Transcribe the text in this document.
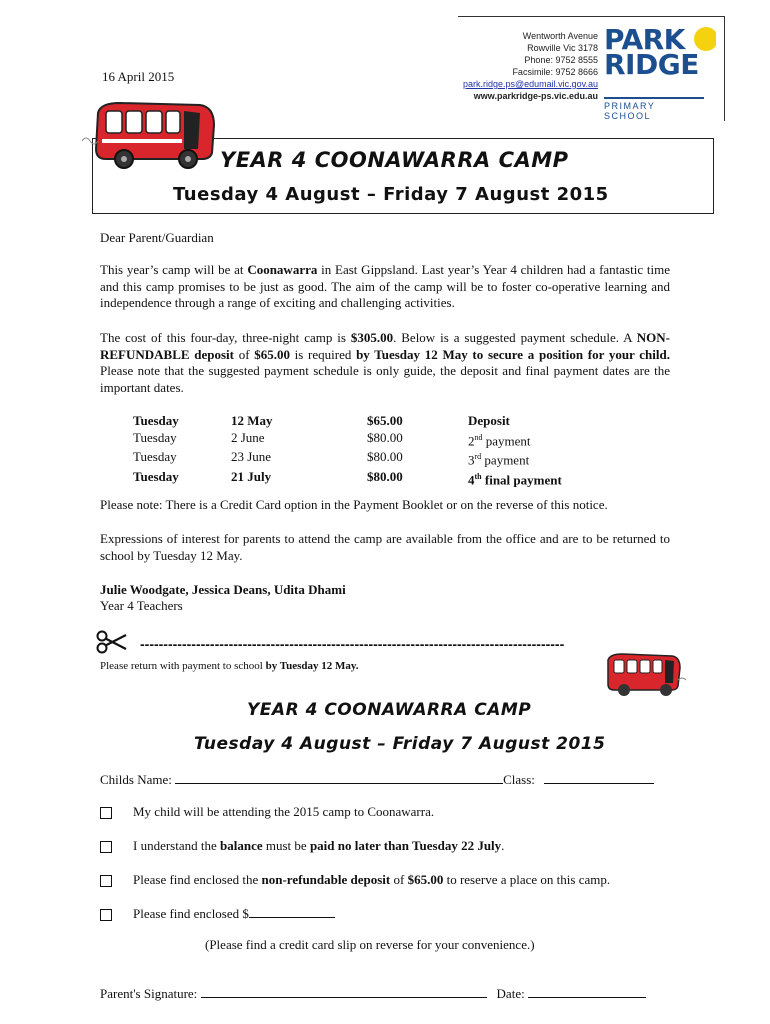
16 April 2015
Wentworth Avenue
Rowville Vic 3178
Phone: 9752 8555
Facsimile: 9752 8666
park.ridge.ps@edumail.vic.gov.au
www.parkridge-ps.vic.edu.au
PARK
RIDGE
PRIMARY SCHOOL
YEAR 4 COONAWARRA CAMP
Tuesday 4 August – Friday 7 August 2015
Dear Parent/Guardian
This year’s camp will be at Coonawarra in East Gippsland. Last year’s Year 4 children had a fantastic time and this camp promises to be just as good. The aim of the camp will be to foster co-operative learning and independence through a range of exciting and challenging activities.
The cost of this four-day, three-night camp is $305.00. Below is a suggested payment schedule. A NON-REFUNDABLE deposit of $65.00 is required by Tuesday 12 May to secure a position for your child. Please note that the suggested payment schedule is only guide, the deposit and final payment dates are the important dates.
Tuesday	12 May	$65.00	Deposit
Tuesday	2 June	$80.00	2nd payment
Tuesday	23 June	$80.00	3rd payment
Tuesday	21 July	$80.00	4th final payment
Please note: There is a Credit Card option in the Payment Booklet or on the reverse of this notice.
Expressions of interest for parents to attend the camp are available from the office and are to be returned to school by Tuesday 12 May.
Julie Woodgate, Jessica Deans, Udita Dhami
Year 4 Teachers
-------------------------------------------------------------------------------------------
Please return with payment to school by Tuesday 12 May.
YEAR 4 COONAWARRA CAMP
Tuesday 4 August – Friday 7 August 2015
Childs Name:	Class:
My child will be attending the 2015 camp to Coonawarra.
I understand the balance must be paid no later than Tuesday 22 July.
Please find enclosed the non-refundable deposit of $65.00 to reserve a place on this camp.
Please find enclosed $
(Please find a credit card slip on reverse for your convenience.)
Parent's Signature:	Date:
